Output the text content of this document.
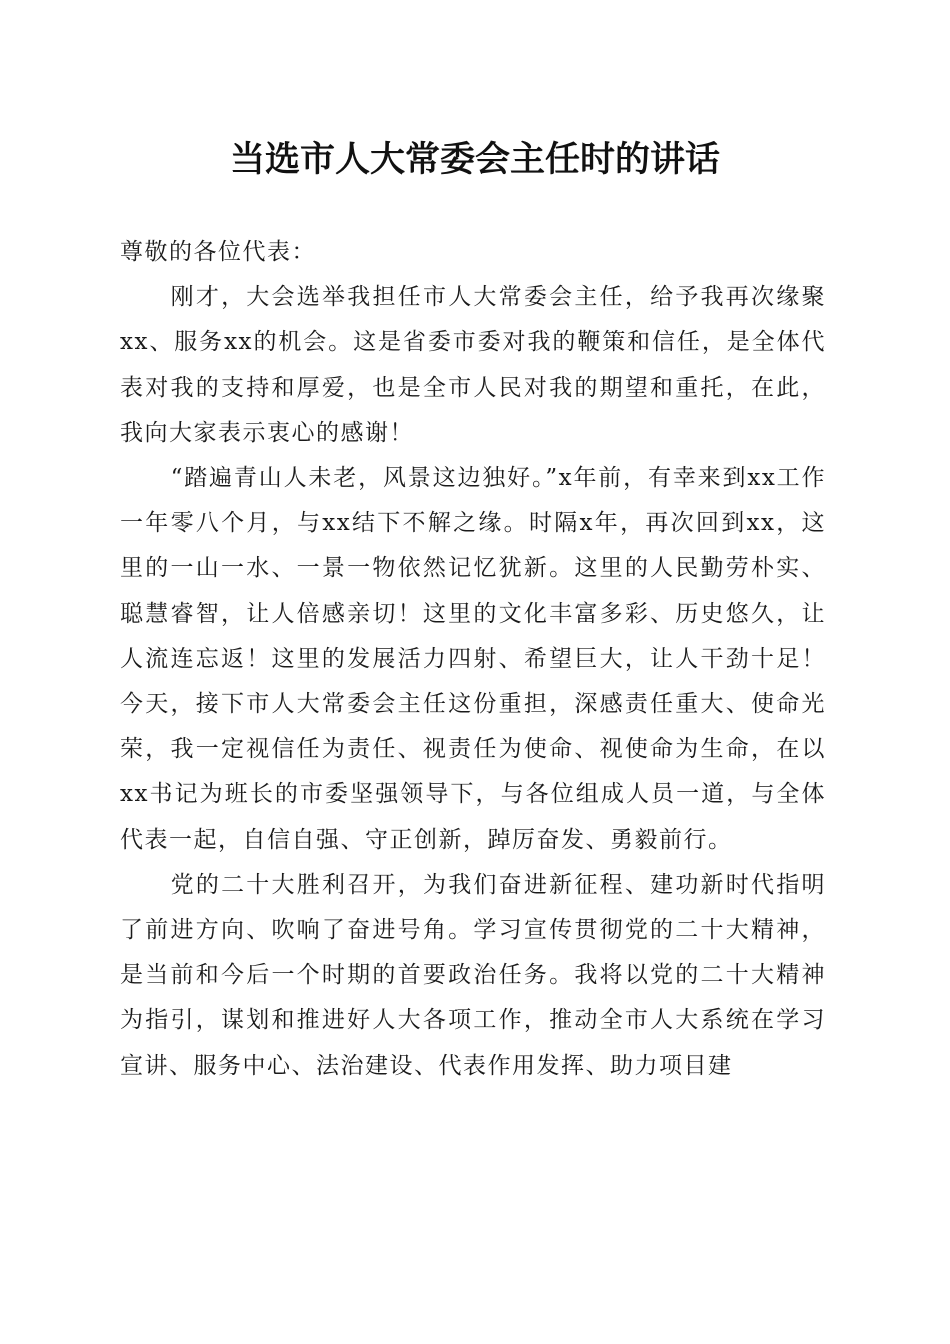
当选市人大常委会主任时的讲话

尊敬的各位代表：

刚才，大会选举我担任市人大常委会主任，给予我再次缘聚xx、服务xx的机会。这是省委市委对我的鞭策和信任，是全体代表对我的支持和厚爱，也是全市人民对我的期望和重托，在此，我向大家表示衷心的感谢！

“踏遍青山人未老，风景这边独好。”x年前，有幸来到xx工作一年零八个月，与xx结下不解之缘。时隔x年，再次回到xx，这里的一山一水、一景一物依然记忆犹新。这里的人民勤劳朴实、聪慧睿智，让人倍感亲切！这里的文化丰富多彩、历史悠久，让人流连忘返！这里的发展活力四射、希望巨大，让人干劲十足！今天，接下市人大常委会主任这份重担，深感责任重大、使命光荣，我一定视信任为责任、视责任为使命、视使命为生命，在以xx书记为班长的市委坚强领导下，与各位组成人员一道，与全体代表一起，自信自强、守正创新，踔厉奋发、勇毅前行。

党的二十大胜利召开，为我们奋进新征程、建功新时代指明了前进方向、吹响了奋进号角。学习宣传贯彻党的二十大精神，是当前和今后一个时期的首要政治任务。我将以党的二十大精神为指引，谋划和推进好人大各项工作，推动全市人大系统在学习宣讲、服务中心、法治建设、代表作用发挥、助力项目建
